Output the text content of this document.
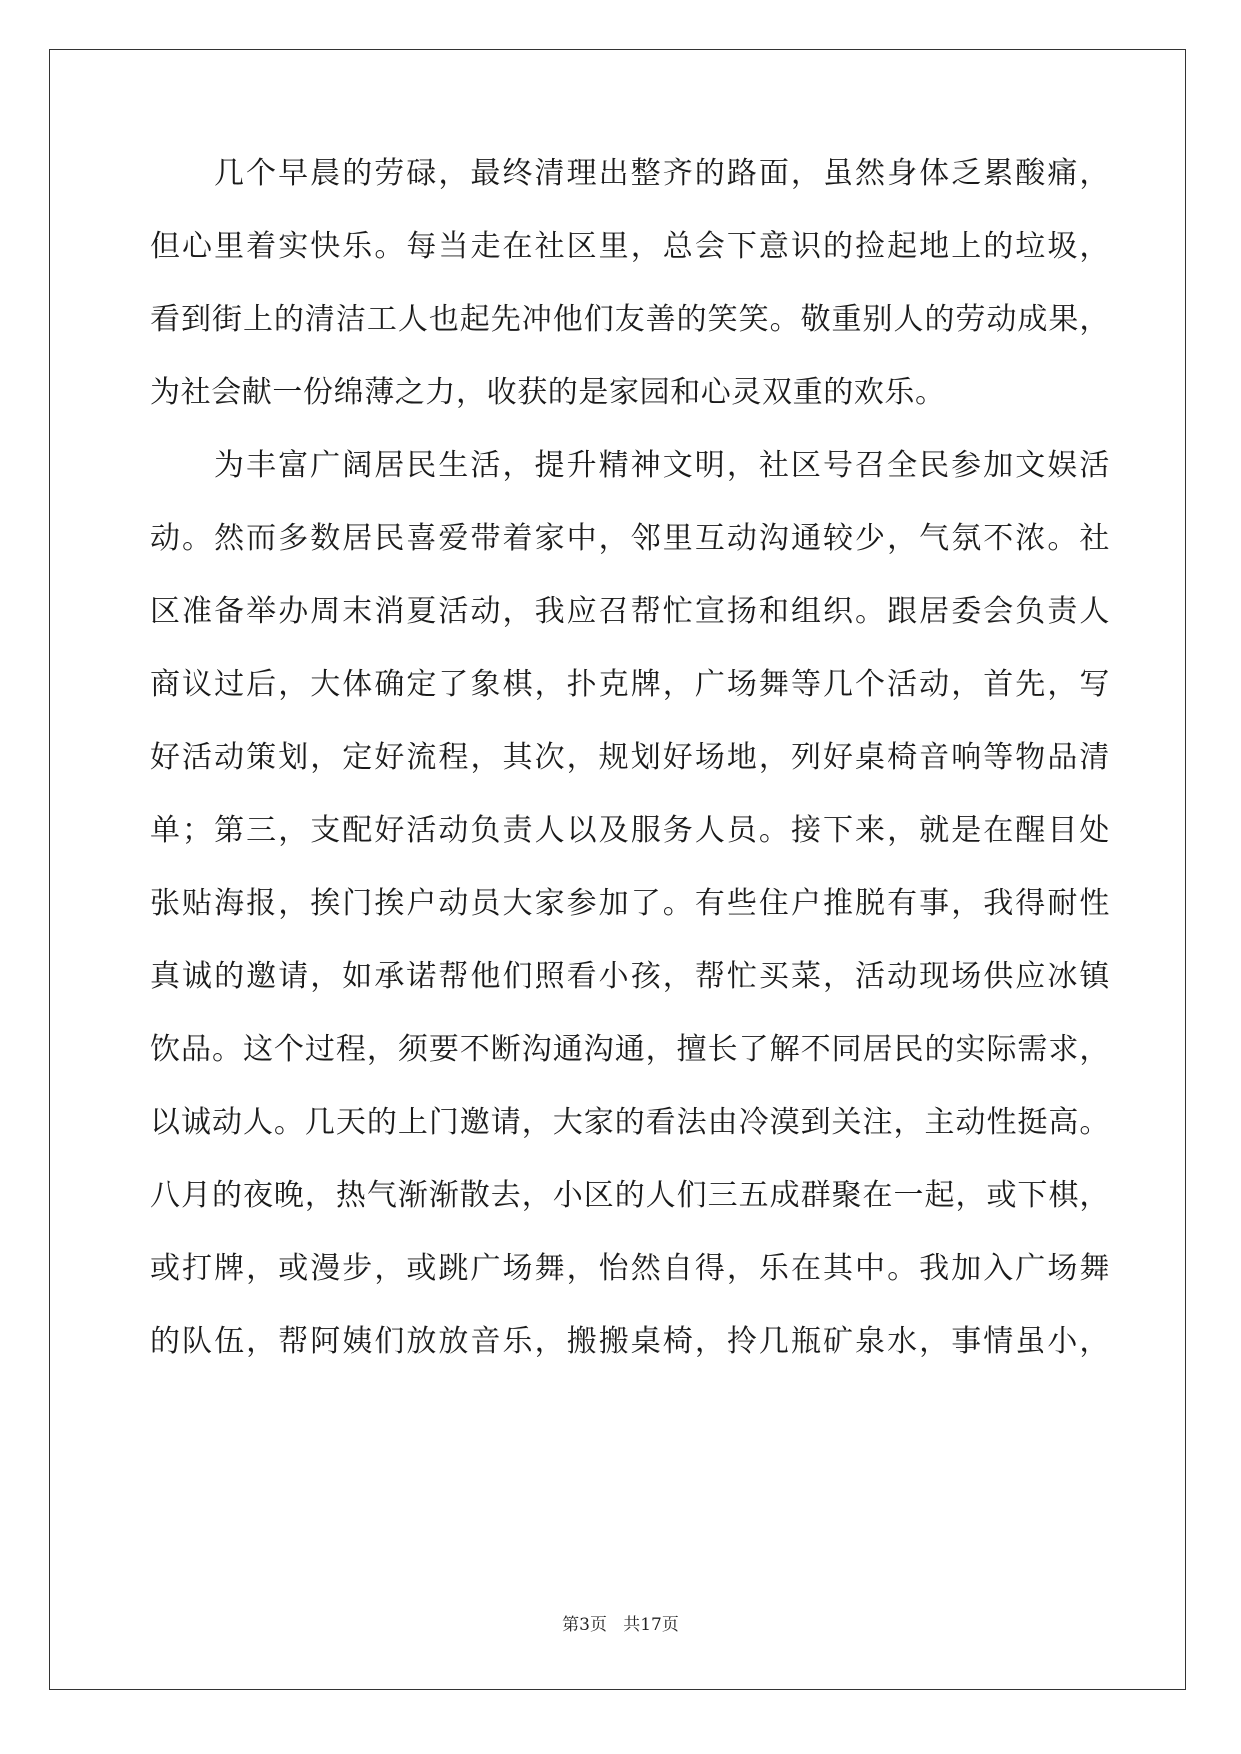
几个早晨的劳碌，最终清理出整齐的路面，虽然身体乏累酸痛，
但心里着实快乐。每当走在社区里，总会下意识的捡起地上的垃圾，
看到街上的清洁工人也起先冲他们友善的笑笑。敬重别人的劳动成果，
为社会献一份绵薄之力，收获的是家园和心灵双重的欢乐。
为丰富广阔居民生活，提升精神文明，社区号召全民参加文娱活
动。然而多数居民喜爱带着家中，邻里互动沟通较少，气氛不浓。社
区准备举办周末消夏活动，我应召帮忙宣扬和组织。跟居委会负责人
商议过后，大体确定了象棋，扑克牌，广场舞等几个活动，首先，写
好活动策划，定好流程，其次，规划好场地，列好桌椅音响等物品清
单；第三，支配好活动负责人以及服务人员。接下来，就是在醒目处
张贴海报，挨门挨户动员大家参加了。有些住户推脱有事，我得耐性
真诚的邀请，如承诺帮他们照看小孩，帮忙买菜，活动现场供应冰镇
饮品。这个过程，须要不断沟通沟通，擅长了解不同居民的实际需求，
以诚动人。几天的上门邀请，大家的看法由冷漠到关注，主动性挺高。
八月的夜晚，热气渐渐散去，小区的人们三五成群聚在一起，或下棋，
或打牌，或漫步，或跳广场舞，怡然自得，乐在其中。我加入广场舞
的队伍，帮阿姨们放放音乐，搬搬桌椅，拎几瓶矿泉水，事情虽小，
第3页 共17页
